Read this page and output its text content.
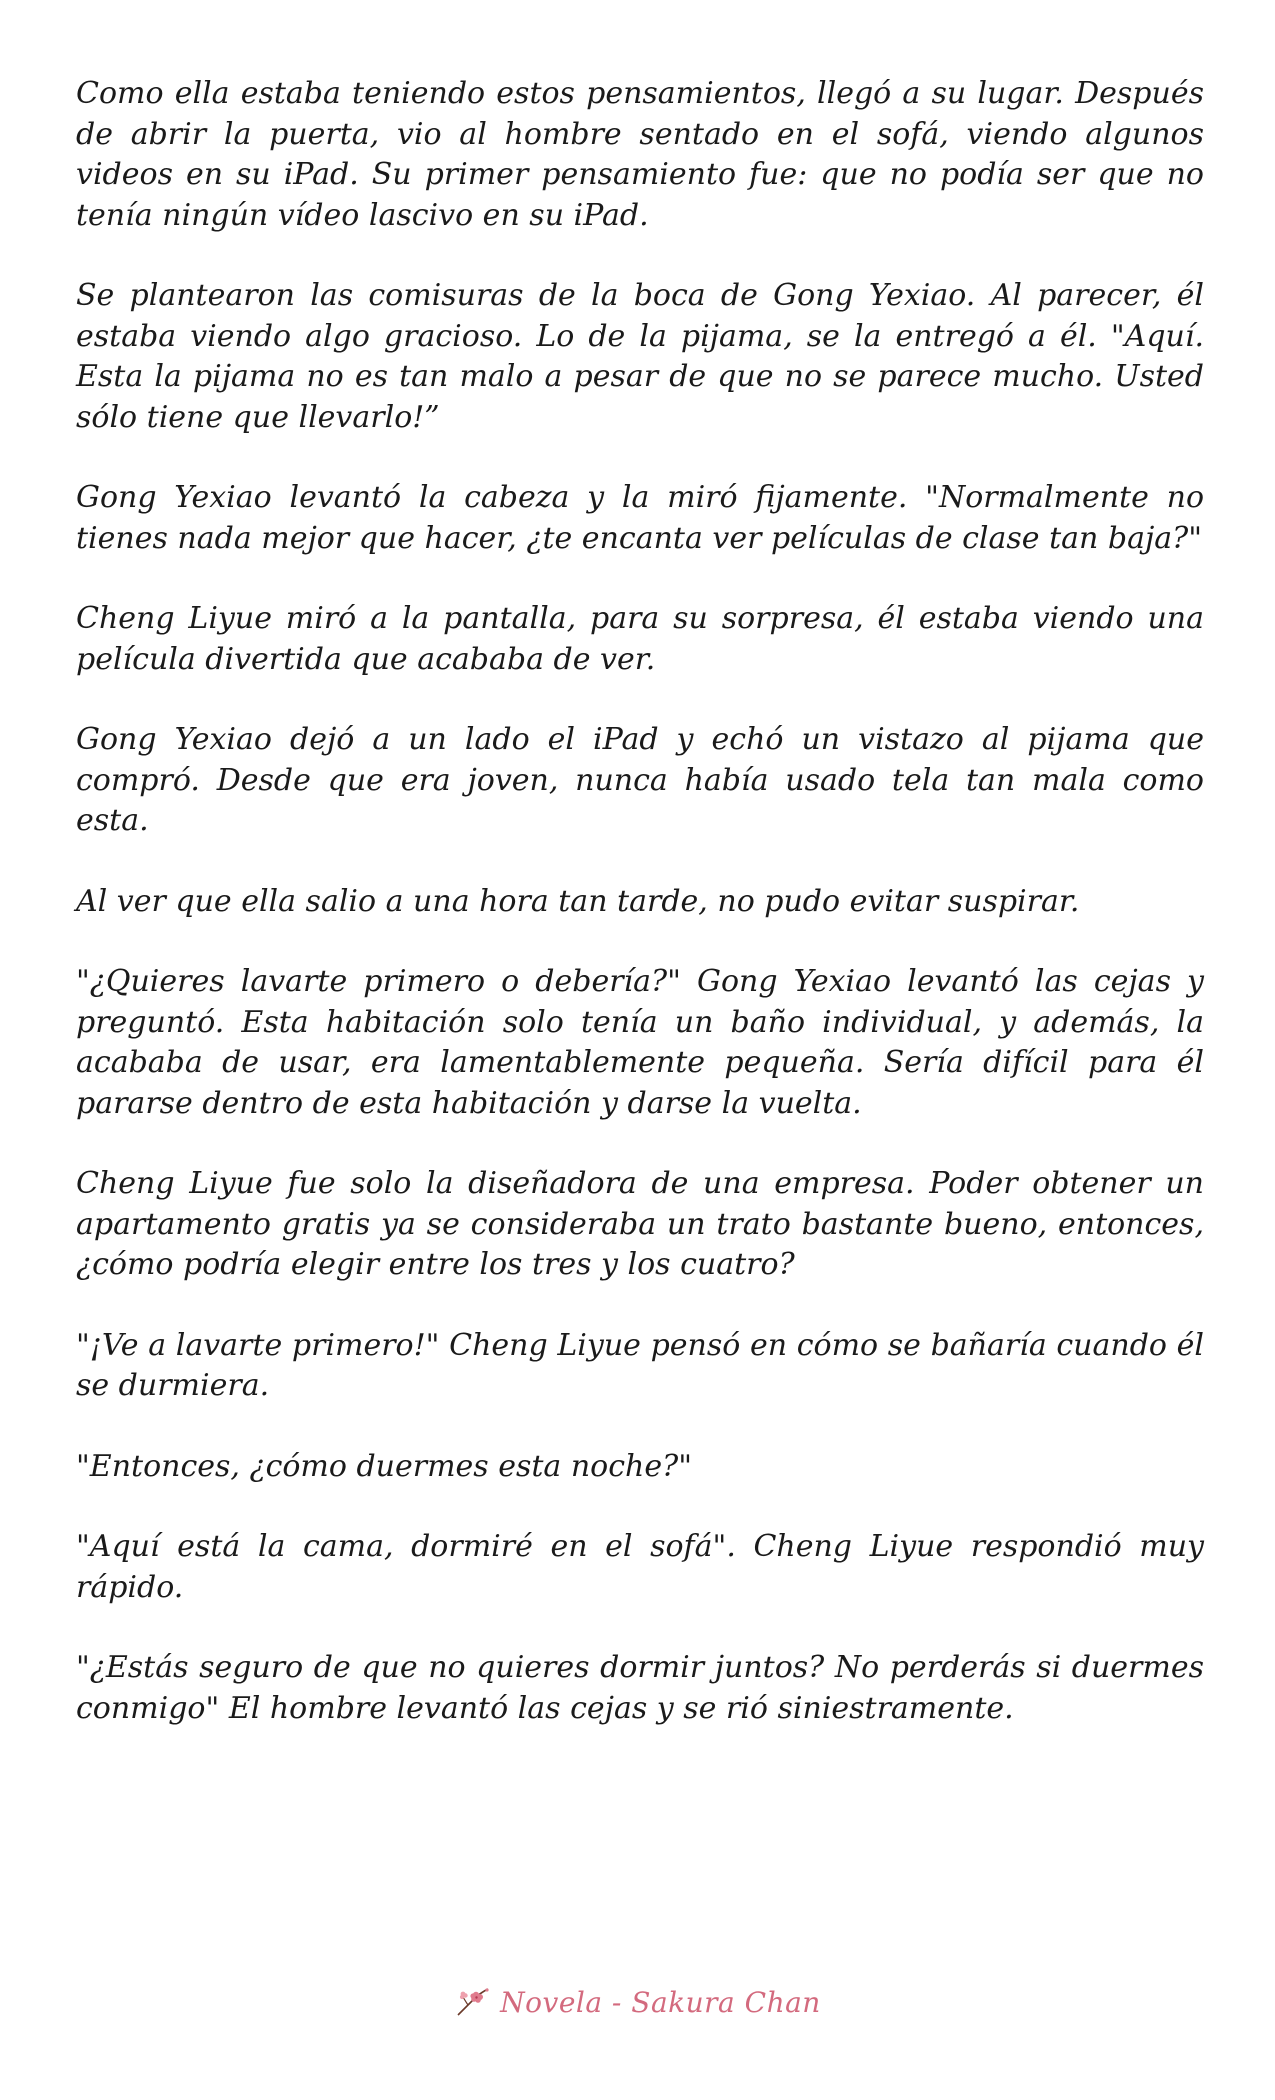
Como ella estaba teniendo estos pensamientos, llegó a su lugar. Después de abrir la puerta, vio al hombre sentado en el sofá, viendo algunos videos en su iPad. Su primer pensamiento fue: que no podía ser que no tenía ningún vídeo lascivo en su iPad.

Se plantearon las comisuras de la boca de Gong Yexiao. Al parecer, él estaba viendo algo gracioso. Lo de la pijama, se la entregó a él. "Aquí. Esta la pijama no es tan malo a pesar de que no se parece mucho. Usted sólo tiene que llevarlo!”

Gong Yexiao levantó la cabeza y la miró fijamente. "Normalmente no tienes nada mejor que hacer, ¿te encanta ver películas de clase tan baja?"

Cheng Liyue miró a la pantalla, para su sorpresa, él estaba viendo una película divertida que acababa de ver.

Gong Yexiao dejó a un lado el iPad y echó un vistazo al pijama que compró. Desde que era joven, nunca había usado tela tan mala como esta.

Al ver que ella salio a una hora tan tarde, no pudo evitar suspirar.

"¿Quieres lavarte primero o debería?" Gong Yexiao levantó las cejas y preguntó. Esta habitación solo tenía un baño individual, y además, la acababa de usar, era lamentablemente pequeña. Sería difícil para él pararse dentro de esta habitación y darse la vuelta.

Cheng Liyue fue solo la diseñadora de una empresa. Poder obtener un apartamento gratis ya se consideraba un trato bastante bueno, entonces, ¿cómo podría elegir entre los tres y los cuatro?

"¡Ve a lavarte primero!" Cheng Liyue pensó en cómo se bañaría cuando él se durmiera.

"Entonces, ¿cómo duermes esta noche?"

"Aquí está la cama, dormiré en el sofá". Cheng Liyue respondió muy rápido.

"¿Estás seguro de que no quieres dormir juntos? No perderás si duermes conmigo" El hombre levantó las cejas y se rió siniestramente.

Novela - Sakura Chan
